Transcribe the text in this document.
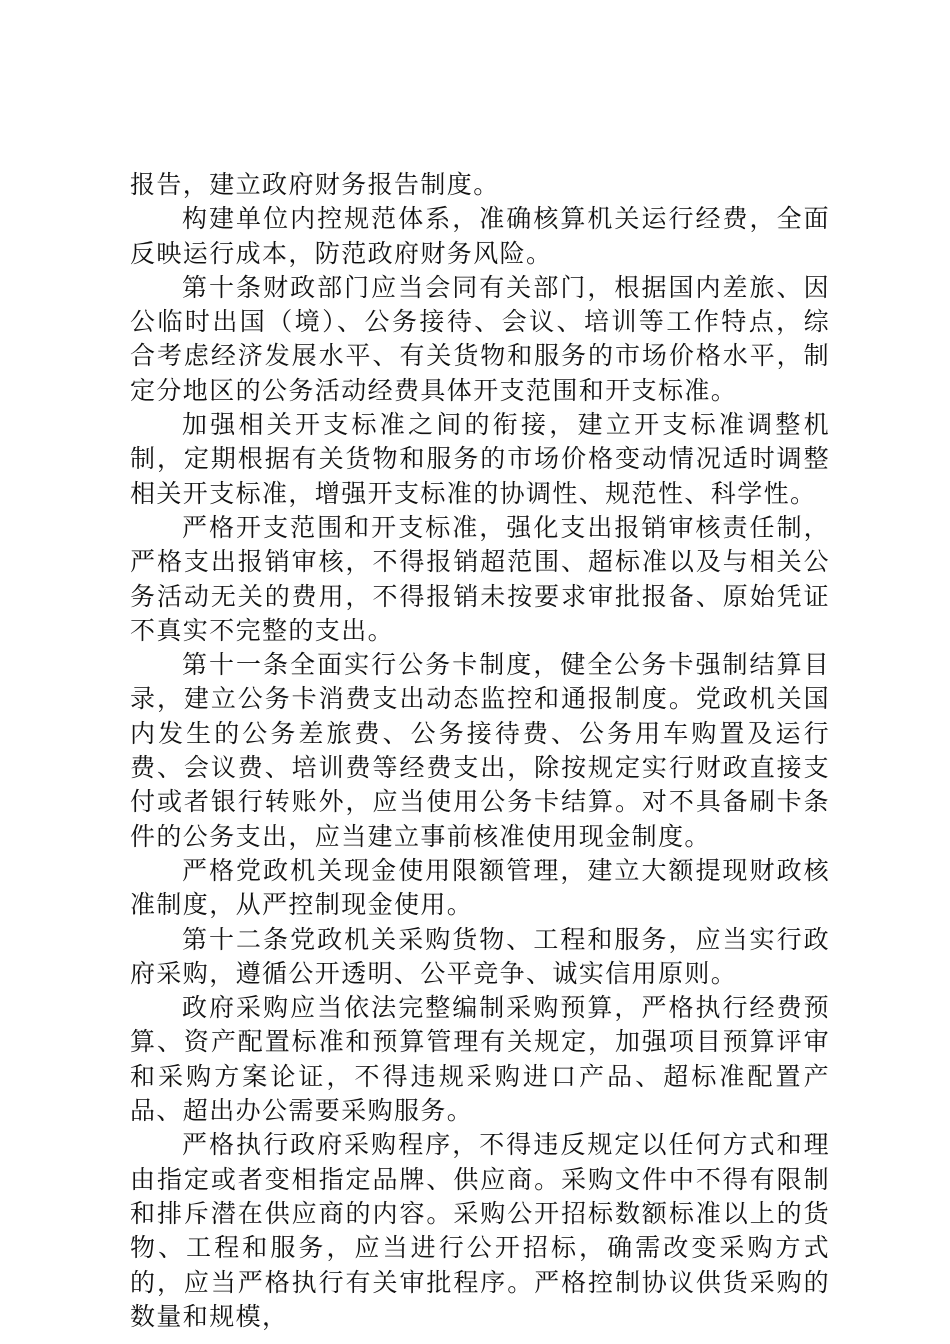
报告，建立政府财务报告制度。

构建单位内控规范体系，准确核算机关运行经费，全面反映运行成本，防范政府财务风险。

第十条财政部门应当会同有关部门，根据国内差旅、因公临时出国（境）、公务接待、会议、培训等工作特点，综合考虑经济发展水平、有关货物和服务的市场价格水平，制定分地区的公务活动经费具体开支范围和开支标准。

加强相关开支标准之间的衔接，建立开支标准调整机制，定期根据有关货物和服务的市场价格变动情况适时调整相关开支标准，增强开支标准的协调性、规范性、科学性。

严格开支范围和开支标准，强化支出报销审核责任制，严格支出报销审核，不得报销超范围、超标准以及与相关公务活动无关的费用，不得报销未按要求审批报备、原始凭证不真实不完整的支出。

第十一条全面实行公务卡制度，健全公务卡强制结算目录，建立公务卡消费支出动态监控和通报制度。党政机关国内发生的公务差旅费、公务接待费、公务用车购置及运行费、会议费、培训费等经费支出，除按规定实行财政直接支付或者银行转账外，应当使用公务卡结算。对不具备刷卡条件的公务支出，应当建立事前核准使用现金制度。

严格党政机关现金使用限额管理，建立大额提现财政核准制度，从严控制现金使用。

第十二条党政机关采购货物、工程和服务，应当实行政府采购，遵循公开透明、公平竞争、诚实信用原则。

政府采购应当依法完整编制采购预算，严格执行经费预算、资产配置标准和预算管理有关规定，加强项目预算评审和采购方案论证，不得违规采购进口产品、超标准配置产品、超出办公需要采购服务。

严格执行政府采购程序，不得违反规定以任何方式和理由指定或者变相指定品牌、供应商。采购文件中不得有限制和排斥潜在供应商的内容。采购公开招标数额标准以上的货物、工程和服务，应当进行公开招标，确需改变采购方式的，应当严格执行有关审批程序。严格控制协议供货采购的数量和规模，
